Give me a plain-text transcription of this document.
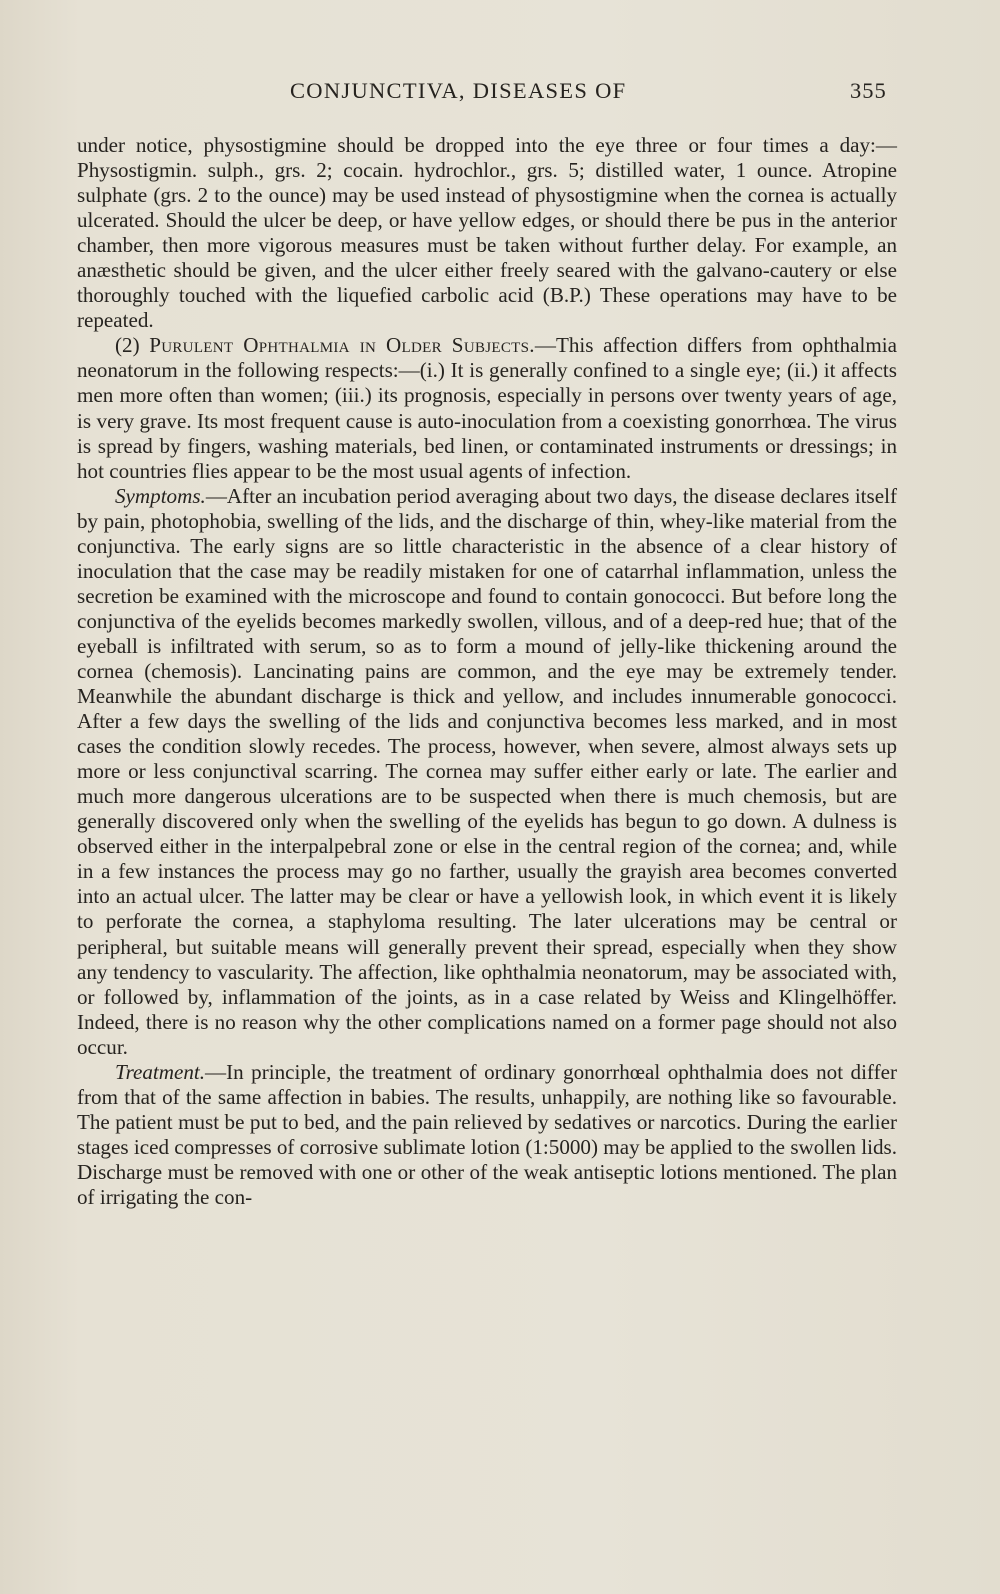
CONJUNCTIVA, DISEASES OF	355

under notice, physostigmine should be dropped into the eye three or four times a day:—Physostigmin. sulph., grs. 2; cocain. hydrochlor., grs. 5; distilled water, 1 ounce. Atropine sulphate (grs. 2 to the ounce) may be used instead of physostigmine when the cornea is actually ulcerated. Should the ulcer be deep, or have yellow edges, or should there be pus in the anterior chamber, then more vigorous measures must be taken without further delay. For example, an anæsthetic should be given, and the ulcer either freely seared with the galvano-cautery or else thoroughly touched with the liquefied carbolic acid (B.P.) These operations may have to be repeated.

(2) Purulent Ophthalmia in Older Subjects.—This affection differs from ophthalmia neonatorum in the following respects:—(i.) It is generally confined to a single eye; (ii.) it affects men more often than women; (iii.) its prognosis, especially in persons over twenty years of age, is very grave. Its most frequent cause is auto-inoculation from a coexisting gonorrhœa. The virus is spread by fingers, washing materials, bed linen, or contaminated instruments or dressings; in hot countries flies appear to be the most usual agents of infection.

Symptoms.—After an incubation period averaging about two days, the disease declares itself by pain, photophobia, swelling of the lids, and the discharge of thin, whey-like material from the conjunctiva. The early signs are so little characteristic in the absence of a clear history of inoculation that the case may be readily mistaken for one of catarrhal inflammation, unless the secretion be examined with the microscope and found to contain gonococci. But before long the conjunctiva of the eyelids becomes markedly swollen, villous, and of a deep-red hue; that of the eyeball is infiltrated with serum, so as to form a mound of jelly-like thickening around the cornea (chemosis). Lancinating pains are common, and the eye may be extremely tender. Meanwhile the abundant discharge is thick and yellow, and includes innumerable gonococci. After a few days the swelling of the lids and conjunctiva becomes less marked, and in most cases the condition slowly recedes. The process, however, when severe, almost always sets up more or less conjunctival scarring. The cornea may suffer either early or late. The earlier and much more dangerous ulcerations are to be suspected when there is much chemosis, but are generally discovered only when the swelling of the eyelids has begun to go down. A dulness is observed either in the interpalpebral zone or else in the central region of the cornea; and, while in a few instances the process may go no farther, usually the grayish area becomes converted into an actual ulcer. The latter may be clear or have a yellowish look, in which event it is likely to perforate the cornea, a staphyloma resulting. The later ulcerations may be central or peripheral, but suitable means will generally prevent their spread, especially when they show any tendency to vascularity. The affection, like ophthalmia neonatorum, may be associated with, or followed by, inflammation of the joints, as in a case related by Weiss and Klingelhöffer. Indeed, there is no reason why the other complications named on a former page should not also occur.

Treatment.—In principle, the treatment of ordinary gonorrhœal ophthalmia does not differ from that of the same affection in babies. The results, unhappily, are nothing like so favourable. The patient must be put to bed, and the pain relieved by sedatives or narcotics. During the earlier stages iced compresses of corrosive sublimate lotion (1:5000) may be applied to the swollen lids. Discharge must be removed with one or other of the weak antiseptic lotions mentioned. The plan of irrigating the con-
